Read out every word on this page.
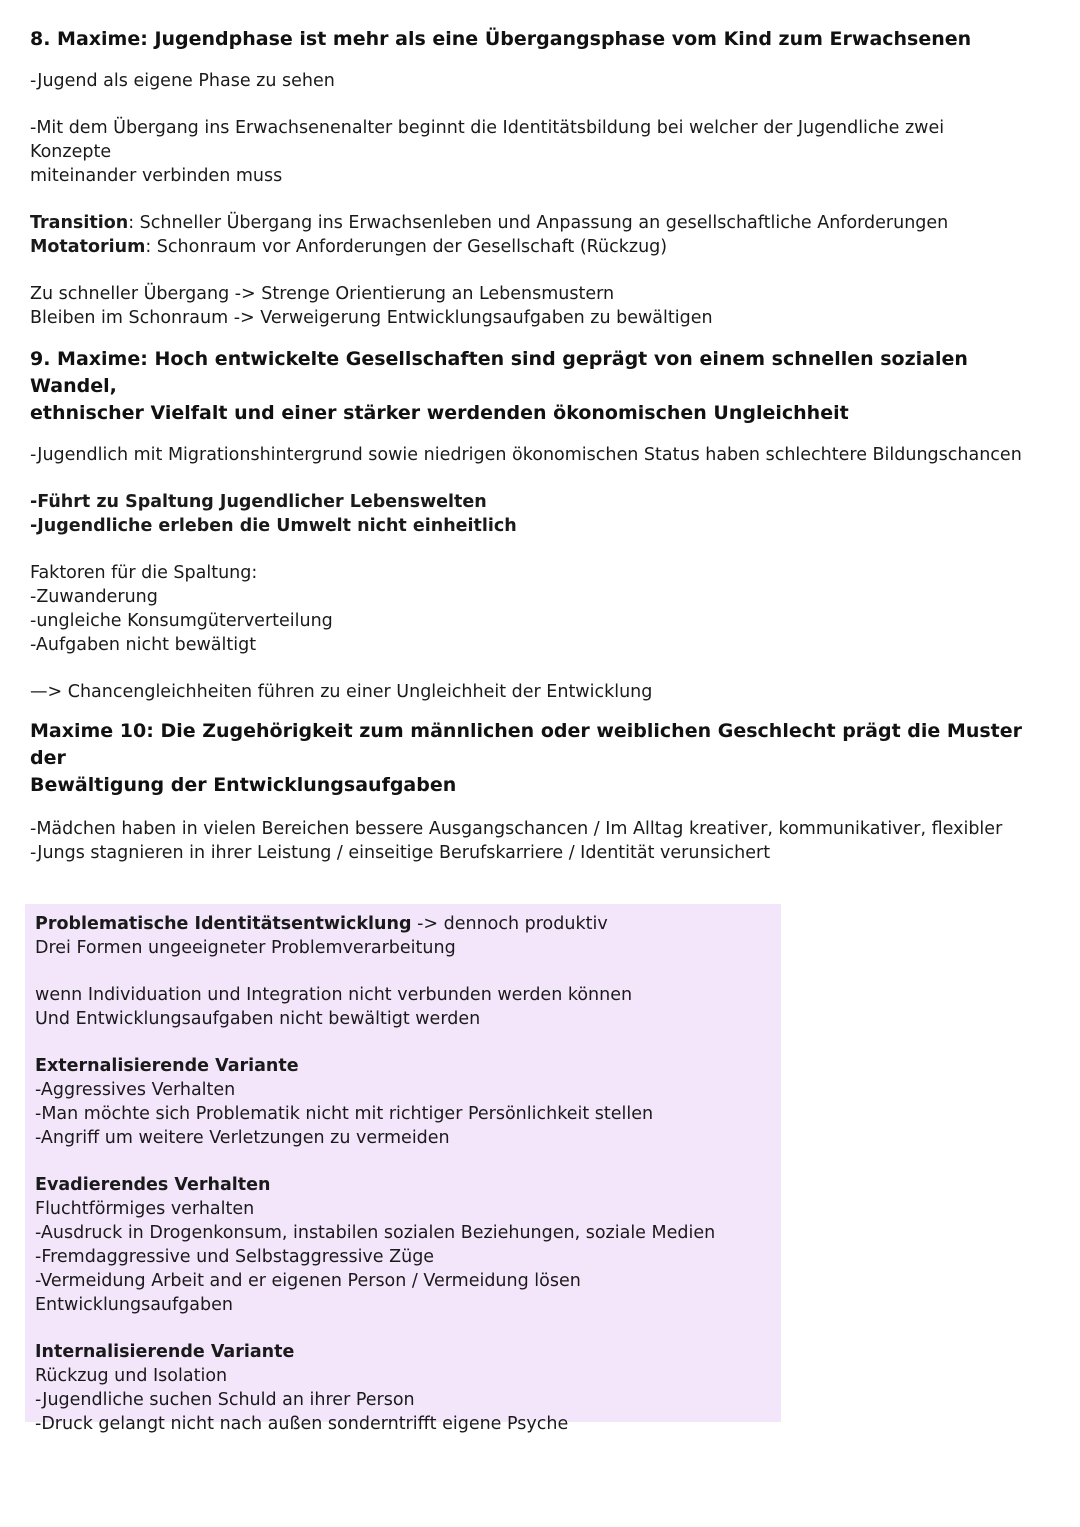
8. Maxime: Jugendphase ist mehr als eine Übergangsphase vom Kind zum Erwachsenen

-Jugend als eigene Phase zu sehen

-Mit dem Übergang ins Erwachsenenalter beginnt die Identitätsbildung bei welcher der Jugendliche zwei Konzepte

miteinander verbinden muss

Transition: Schneller Übergang ins Erwachsenleben und Anpassung an gesellschaftliche Anforderungen

Motatorium: Schonraum vor Anforderungen der Gesellschaft (Rückzug)

Zu schneller Übergang -> Strenge Orientierung an Lebensmustern

Bleiben im Schonraum -> Verweigerung Entwicklungsaufgaben zu bewältigen

9. Maxime: Hoch entwickelte Gesellschaften sind geprägt von einem schnellen sozialen Wandel,

ethnischer Vielfalt und einer stärker werdenden ökonomischen Ungleichheit

-Jugendlich mit Migrationshintergrund sowie niedrigen ökonomischen Status haben schlechtere Bildungschancen

-Führt zu Spaltung Jugendlicher Lebenswelten

-Jugendliche erleben die Umwelt nicht einheitlich

Faktoren für die Spaltung:

-Zuwanderung

-ungleiche Konsumgüterverteilung

-Aufgaben nicht bewältigt

—> Chancengleichheiten führen zu einer Ungleichheit der Entwicklung

Maxime 10: Die Zugehörigkeit zum männlichen oder weiblichen Geschlecht prägt die Muster der

Bewältigung der Entwicklungsaufgaben

-Mädchen haben in vielen Bereichen bessere Ausgangschancen / Im Alltag kreativer, kommunikativer, flexibler

-Jungs stagnieren in ihrer Leistung / einseitige Berufskarriere / Identität verunsichert

Problematische Identitätsentwicklung -> dennoch produktiv

Drei Formen ungeeigneter Problemverarbeitung

wenn Individuation und Integration nicht verbunden werden können

Und Entwicklungsaufgaben nicht bewältigt werden

Externalisierende Variante

-Aggressives Verhalten

-Man möchte sich Problematik nicht mit richtiger Persönlichkeit stellen

-Angriff um weitere Verletzungen zu vermeiden

Evadierendes Verhalten

Fluchtförmiges verhalten

-Ausdruck in Drogenkonsum, instabilen sozialen Beziehungen, soziale Medien

-Fremdaggressive und Selbstaggressive Züge

-Vermeidung Arbeit and er eigenen Person / Vermeidung lösen Entwicklungsaufgaben

Internalisierende Variante

Rückzug und Isolation

-Jugendliche suchen Schuld an ihrer Person

-Druck gelangt nicht nach außen sonderntrifft eigene Psyche
